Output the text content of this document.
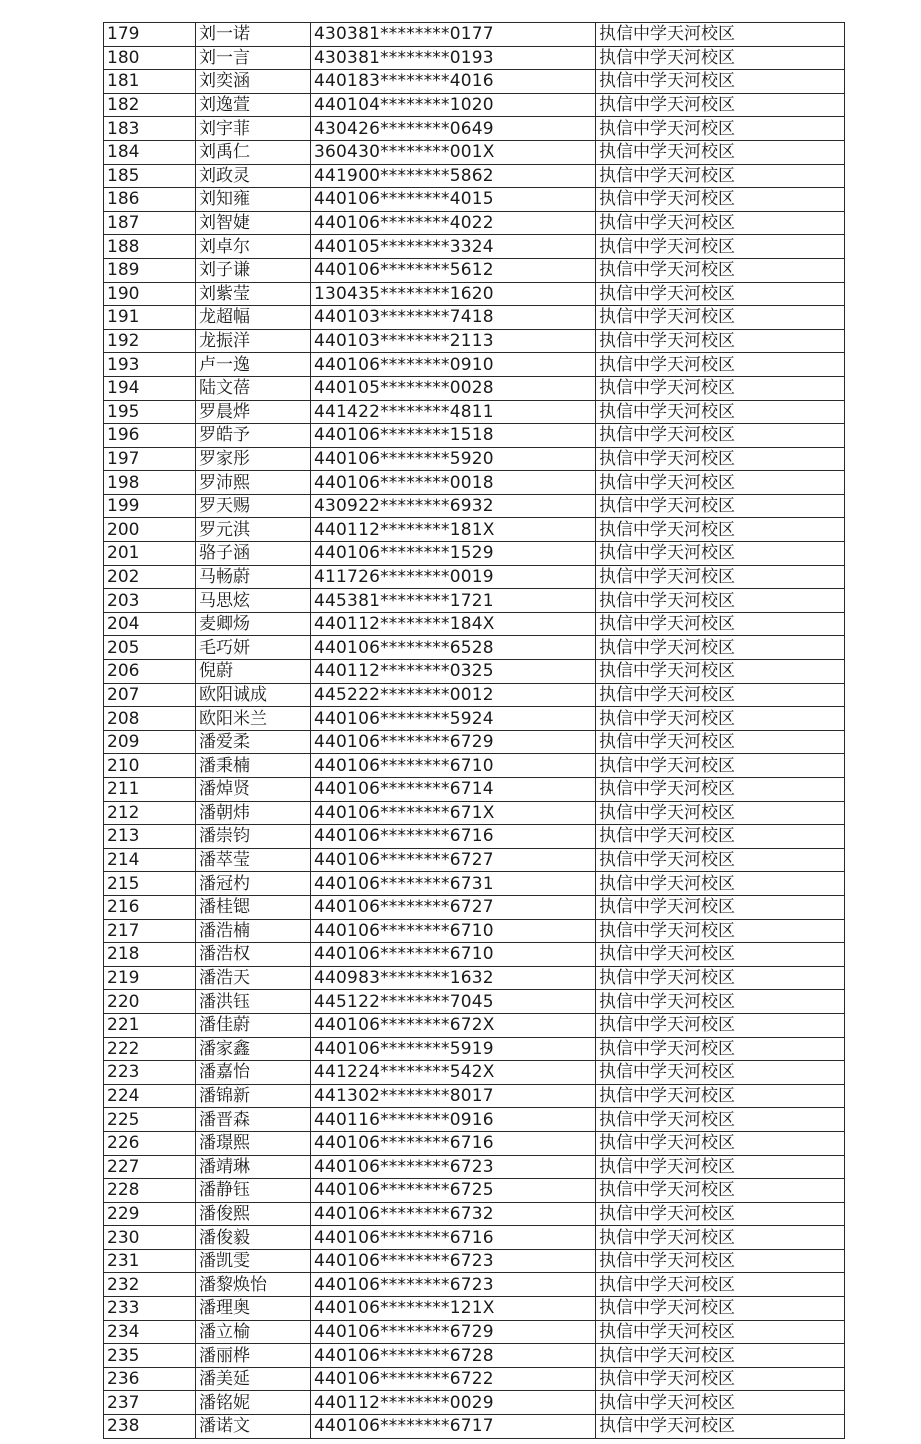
179	刘一诺	430381********0177	执信中学天河校区
180	刘一言	430381********0193	执信中学天河校区
181	刘奕涵	440183********4016	执信中学天河校区
182	刘逸萱	440104********1020	执信中学天河校区
183	刘宇菲	430426********0649	执信中学天河校区
184	刘禹仁	360430********001X	执信中学天河校区
185	刘政灵	441900********5862	执信中学天河校区
186	刘知雍	440106********4015	执信中学天河校区
187	刘智婕	440106********4022	执信中学天河校区
188	刘卓尔	440105********3324	执信中学天河校区
189	刘子谦	440106********5612	执信中学天河校区
190	刘紫莹	130435********1620	执信中学天河校区
191	龙超幅	440103********7418	执信中学天河校区
192	龙振洋	440103********2113	执信中学天河校区
193	卢一逸	440106********0910	执信中学天河校区
194	陆文蓓	440105********0028	执信中学天河校区
195	罗晨烨	441422********4811	执信中学天河校区
196	罗皓予	440106********1518	执信中学天河校区
197	罗家彤	440106********5920	执信中学天河校区
198	罗沛熙	440106********0018	执信中学天河校区
199	罗天赐	430922********6932	执信中学天河校区
200	罗元淇	440112********181X	执信中学天河校区
201	骆子涵	440106********1529	执信中学天河校区
202	马畅蔚	411726********0019	执信中学天河校区
203	马思炫	445381********1721	执信中学天河校区
204	麦卿炀	440112********184X	执信中学天河校区
205	毛巧妍	440106********6528	执信中学天河校区
206	倪蔚	440112********0325	执信中学天河校区
207	欧阳诚成	445222********0012	执信中学天河校区
208	欧阳米兰	440106********5924	执信中学天河校区
209	潘爱柔	440106********6729	执信中学天河校区
210	潘秉楠	440106********6710	执信中学天河校区
211	潘焯贤	440106********6714	执信中学天河校区
212	潘朝炜	440106********671X	执信中学天河校区
213	潘崇钧	440106********6716	执信中学天河校区
214	潘萃莹	440106********6727	执信中学天河校区
215	潘冠杓	440106********6731	执信中学天河校区
216	潘桂锶	440106********6727	执信中学天河校区
217	潘浩楠	440106********6710	执信中学天河校区
218	潘浩权	440106********6710	执信中学天河校区
219	潘浩天	440983********1632	执信中学天河校区
220	潘洪钰	445122********7045	执信中学天河校区
221	潘佳蔚	440106********672X	执信中学天河校区
222	潘家鑫	440106********5919	执信中学天河校区
223	潘嘉怡	441224********542X	执信中学天河校区
224	潘锦新	441302********8017	执信中学天河校区
225	潘晋森	440116********0916	执信中学天河校区
226	潘璟熙	440106********6716	执信中学天河校区
227	潘靖琳	440106********6723	执信中学天河校区
228	潘静钰	440106********6725	执信中学天河校区
229	潘俊熙	440106********6732	执信中学天河校区
230	潘俊毅	440106********6716	执信中学天河校区
231	潘凯雯	440106********6723	执信中学天河校区
232	潘黎焕怡	440106********6723	执信中学天河校区
233	潘理奥	440106********121X	执信中学天河校区
234	潘立榆	440106********6729	执信中学天河校区
235	潘丽桦	440106********6728	执信中学天河校区
236	潘美延	440106********6722	执信中学天河校区
237	潘铭妮	440112********0029	执信中学天河校区
238	潘诺文	440106********6717	执信中学天河校区
